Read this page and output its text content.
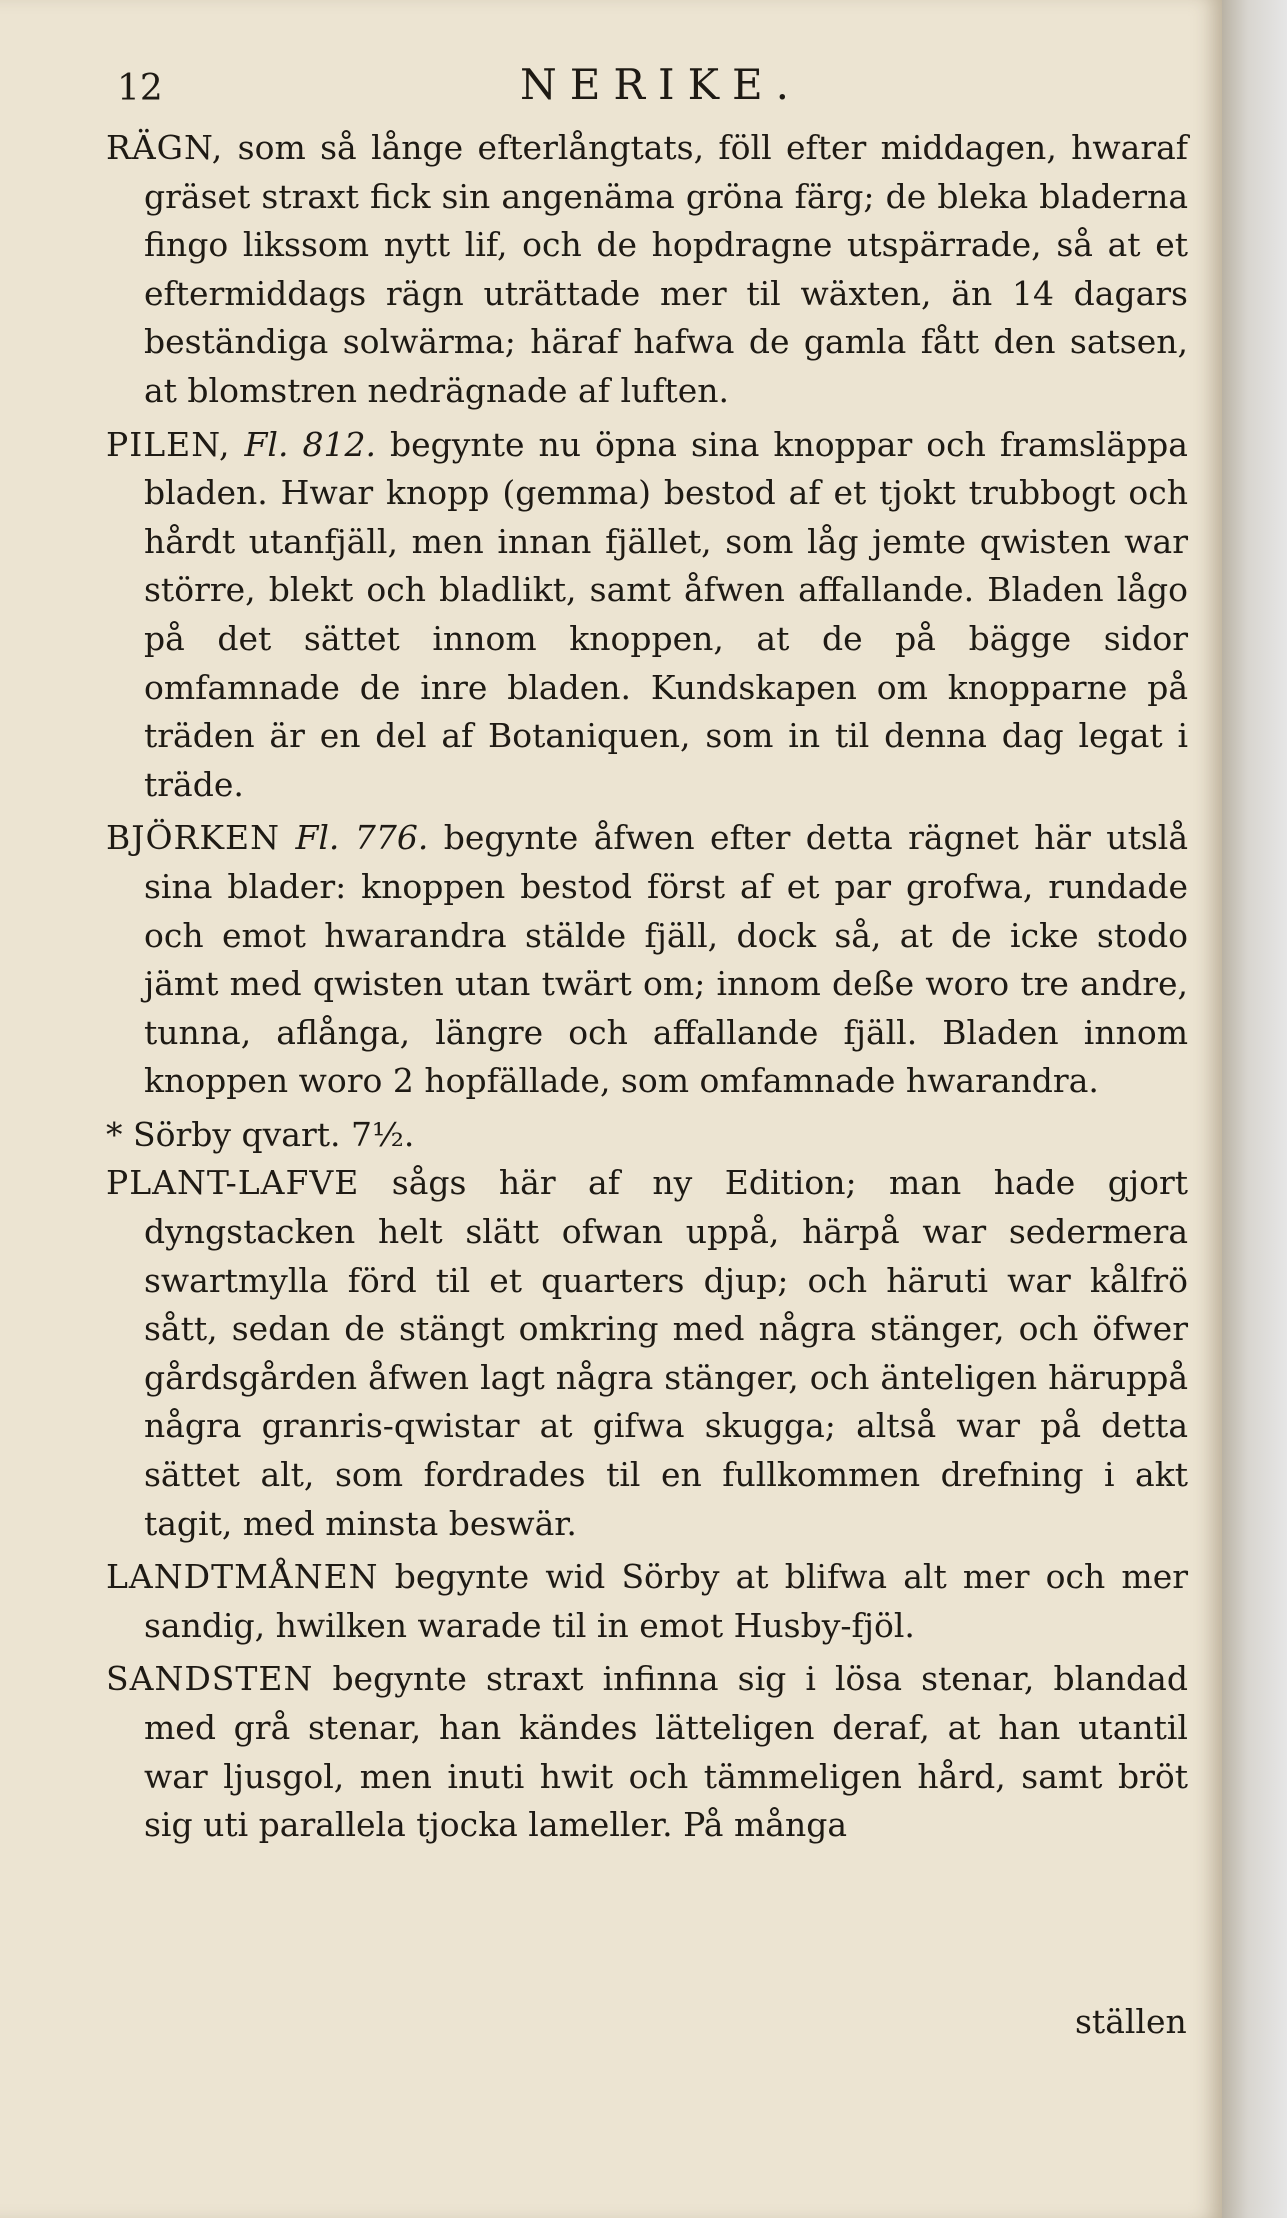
12	NERIKE.

RÄGN, som så långe efterlångtats, föll efter middagen, hwaraf gräset straxt fick sin angenäma gröna färg; de bleka bladerna fingo likssom nytt lif, och de hopdragne utspärrade, så at et eftermiddags rägn uträttade mer til wäxten, än 14 dagars beständiga solwärma; häraf hafwa de gamla fått den satsen, at blomstren nedrägnade af luften.

PILEN, Fl. 812. begynte nu öpna sina knoppar och framsläppa bladen. Hwar knopp (gemma) bestod af et tjokt trubbogt och hårdt utanfjäll, men innan fjället, som låg jemte qwisten war större, blekt och bladlikt, samt åfwen affallande. Bladen lågo på det sättet innom knoppen, at de på bägge sidor omfamnade de inre bladen. Kundskapen om knopparne på träden är en del af Botaniquen, som in til denna dag legat i träde.

BJÖRKEN Fl. 776. begynte åfwen efter detta rägnet här utslå sina blader: knoppen bestod först af et par grofwa, rundade och emot hwarandra stälde fjäll, dock så, at de icke stodo jämt med qwisten utan twärt om; innom deße woro tre andre, tunna, aflånga, längre och affallande fjäll. Bladen innom knoppen woro 2 hopfällade, som omfamnade hwarandra.

* Sörby qvart. 7½.

PLANT-LAFVE sågs här af ny Edition; man hade gjort dyngstacken helt slätt ofwan uppå, härpå war sedermera swartmylla förd til et quarters djup; och häruti war kålfrö sått, sedan de stängt omkring med några stänger, och öfwer gårdsgården åfwen lagt några stänger, och änteligen häruppå några granris-qwistar at gifwa skugga; altså war på detta sättet alt, som fordrades til en fullkommen drefning i akt tagit, med minsta beswär.

LANDTMÅNEN begynte wid Sörby at blifwa alt mer och mer sandig, hwilken warade til in emot Husby-fjöl.

SANDSTEN begynte straxt infinna sig i lösa stenar, blandad med grå stenar, han kändes lätteligen deraf, at han utantil war ljusgol, men inuti hwit och tämmeligen hård, samt bröt sig uti parallela tjocka lameller. På många

ställen
